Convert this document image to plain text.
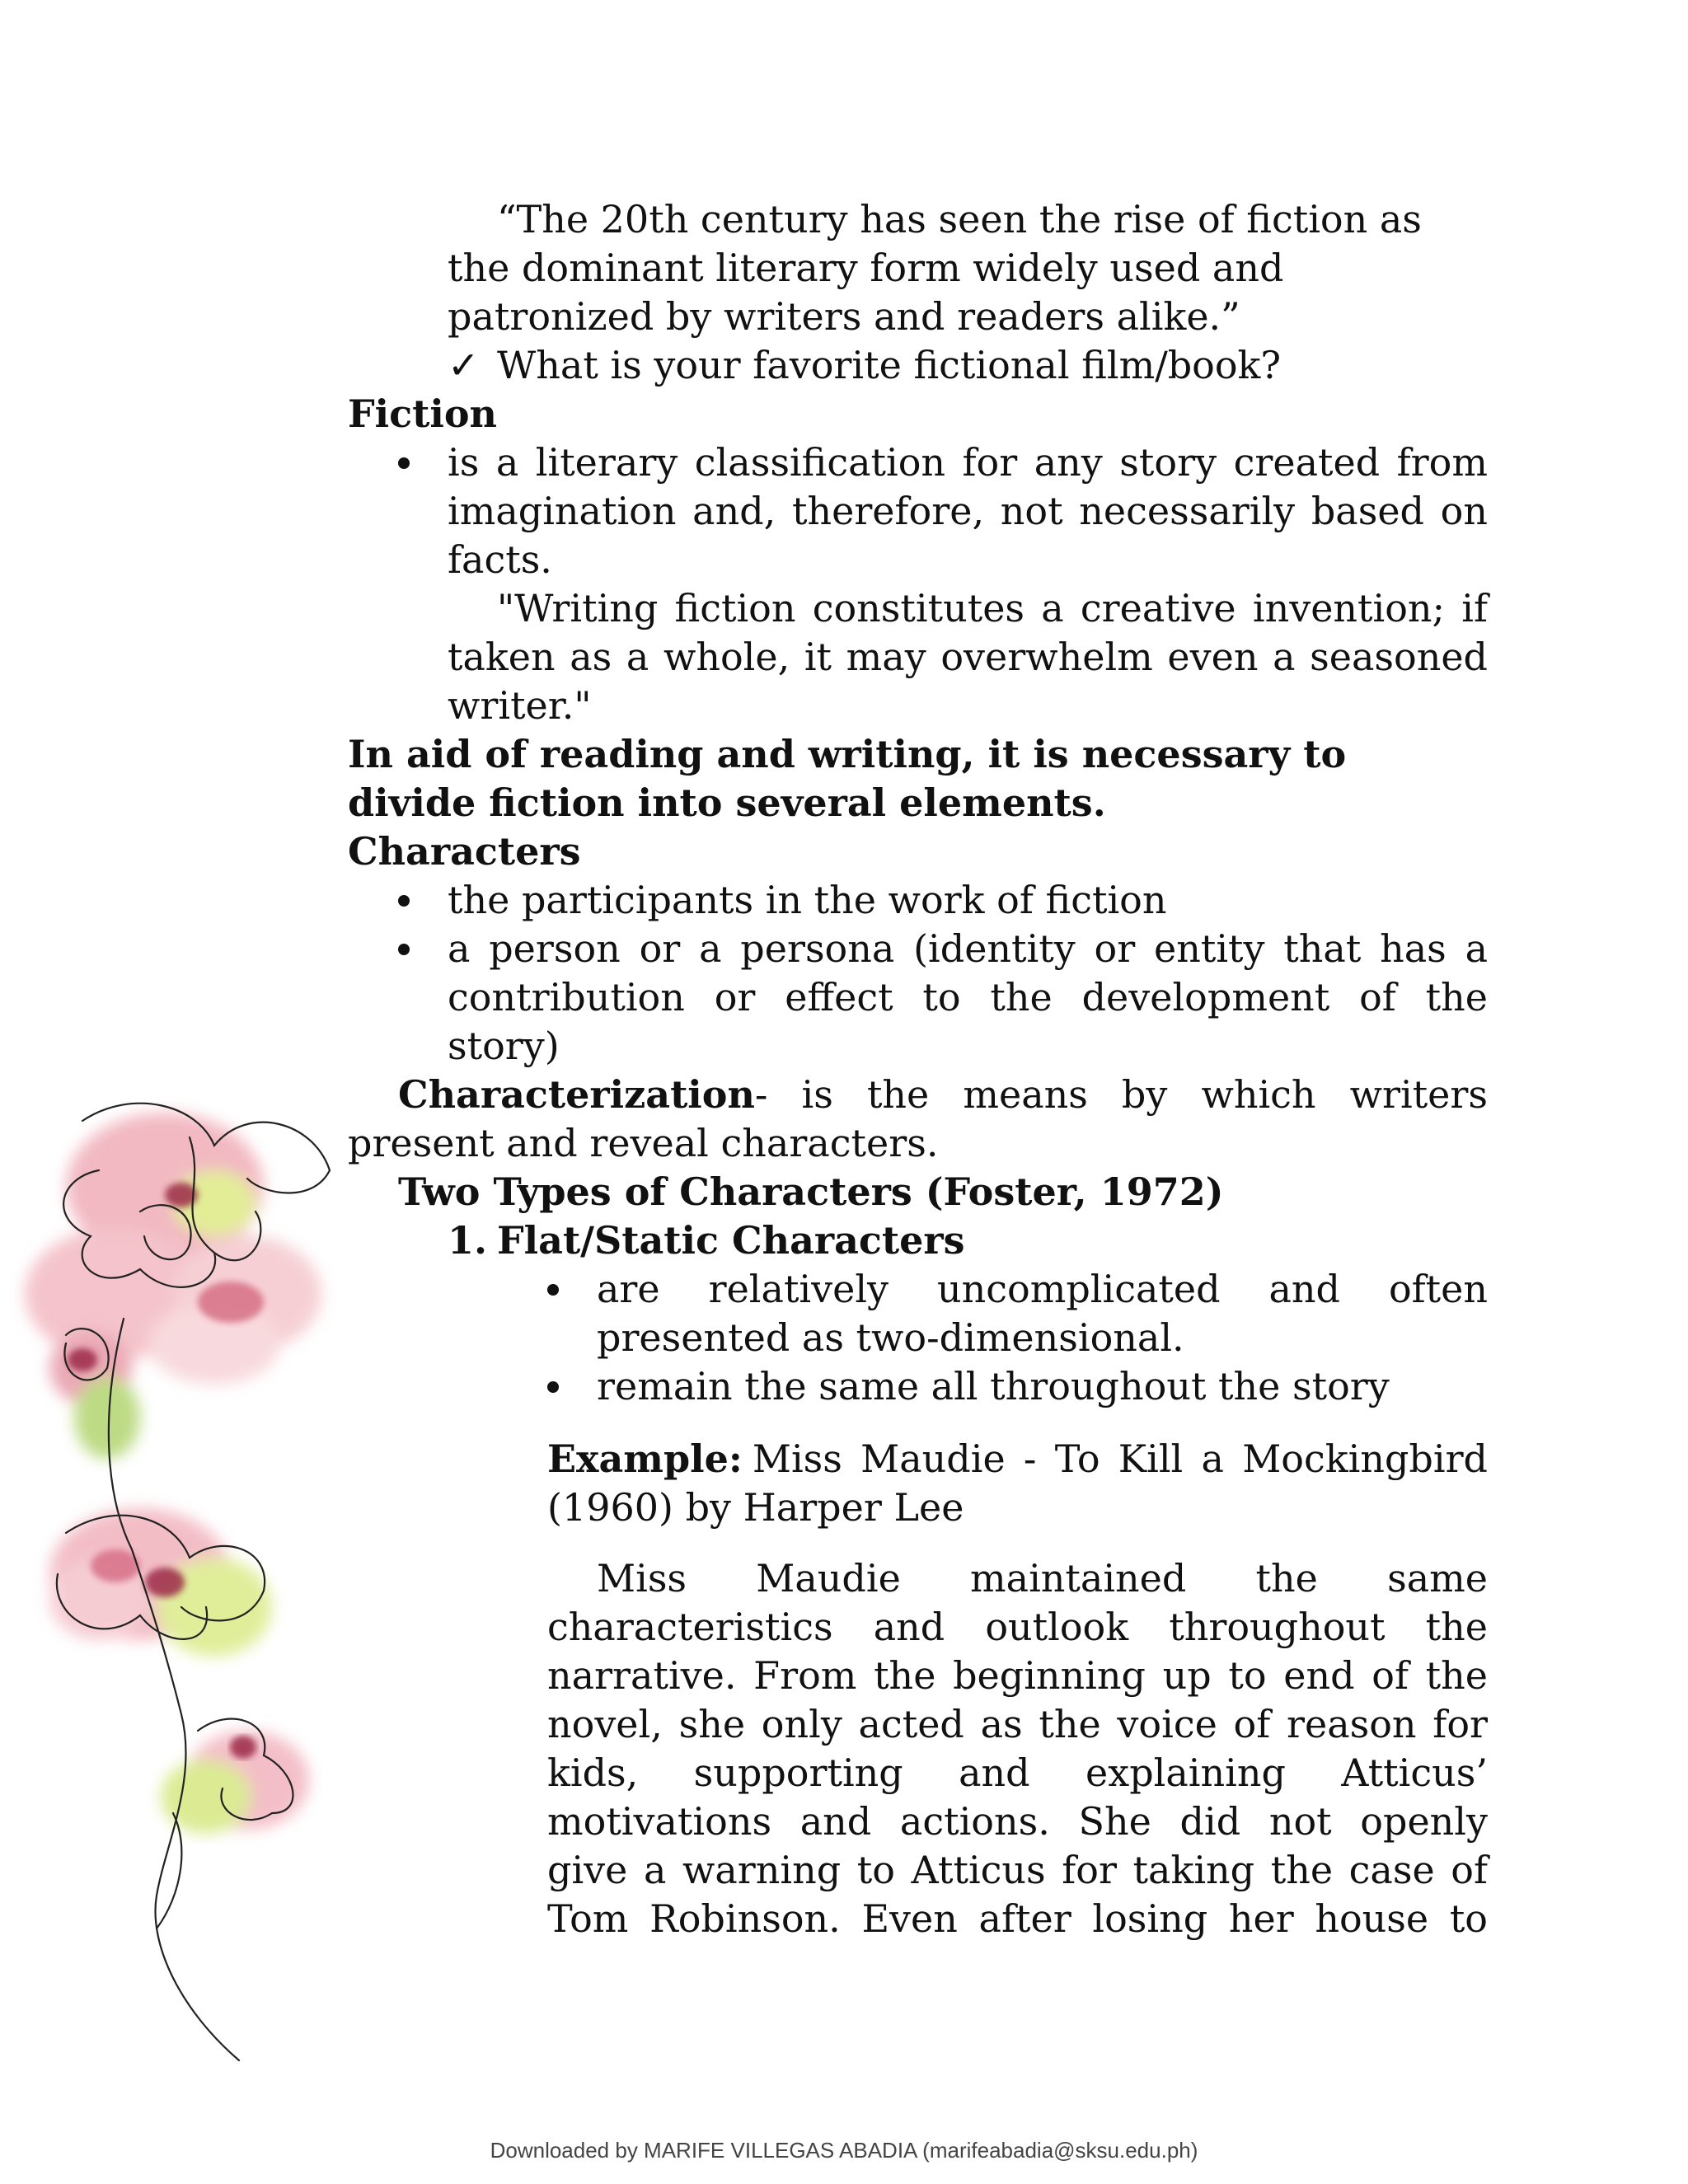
“The 20th century has seen the rise of fiction as
the dominant literary form widely used and
patronized by writers and readers alike.”
✓ What is your favorite fictional film/book?
Fiction
is a literary classification for any story created from
imagination and, therefore, not necessarily based on
facts.
"Writing fiction constitutes a creative invention; if
taken as a whole, it may overwhelm even a seasoned
writer."
In aid of reading and writing, it is necessary to
divide fiction into several elements.
Characters
the participants in the work of fiction
a person or a persona (identity or entity that has a
contribution or effect to the development of the
story)
Characterization - is the means by which writers
present and reveal characters.
Two Types of Characters (Foster, 1972)
1. Flat/Static Characters
are relatively uncomplicated and often
presented as two-dimensional.
remain the same all throughout the story
Example: Miss Maudie - To Kill a Mockingbird
(1960) by Harper Lee
Miss Maudie maintained the same
characteristics and outlook throughout the
narrative. From the beginning up to end of the
novel, she only acted as the voice of reason for
kids, supporting and explaining Atticus’
motivations and actions. She did not openly
give a warning to Atticus for taking the case of
Tom Robinson. Even after losing her house to
Downloaded by MARIFE VILLEGAS ABADIA (marifeabadia@sksu.edu.ph)
